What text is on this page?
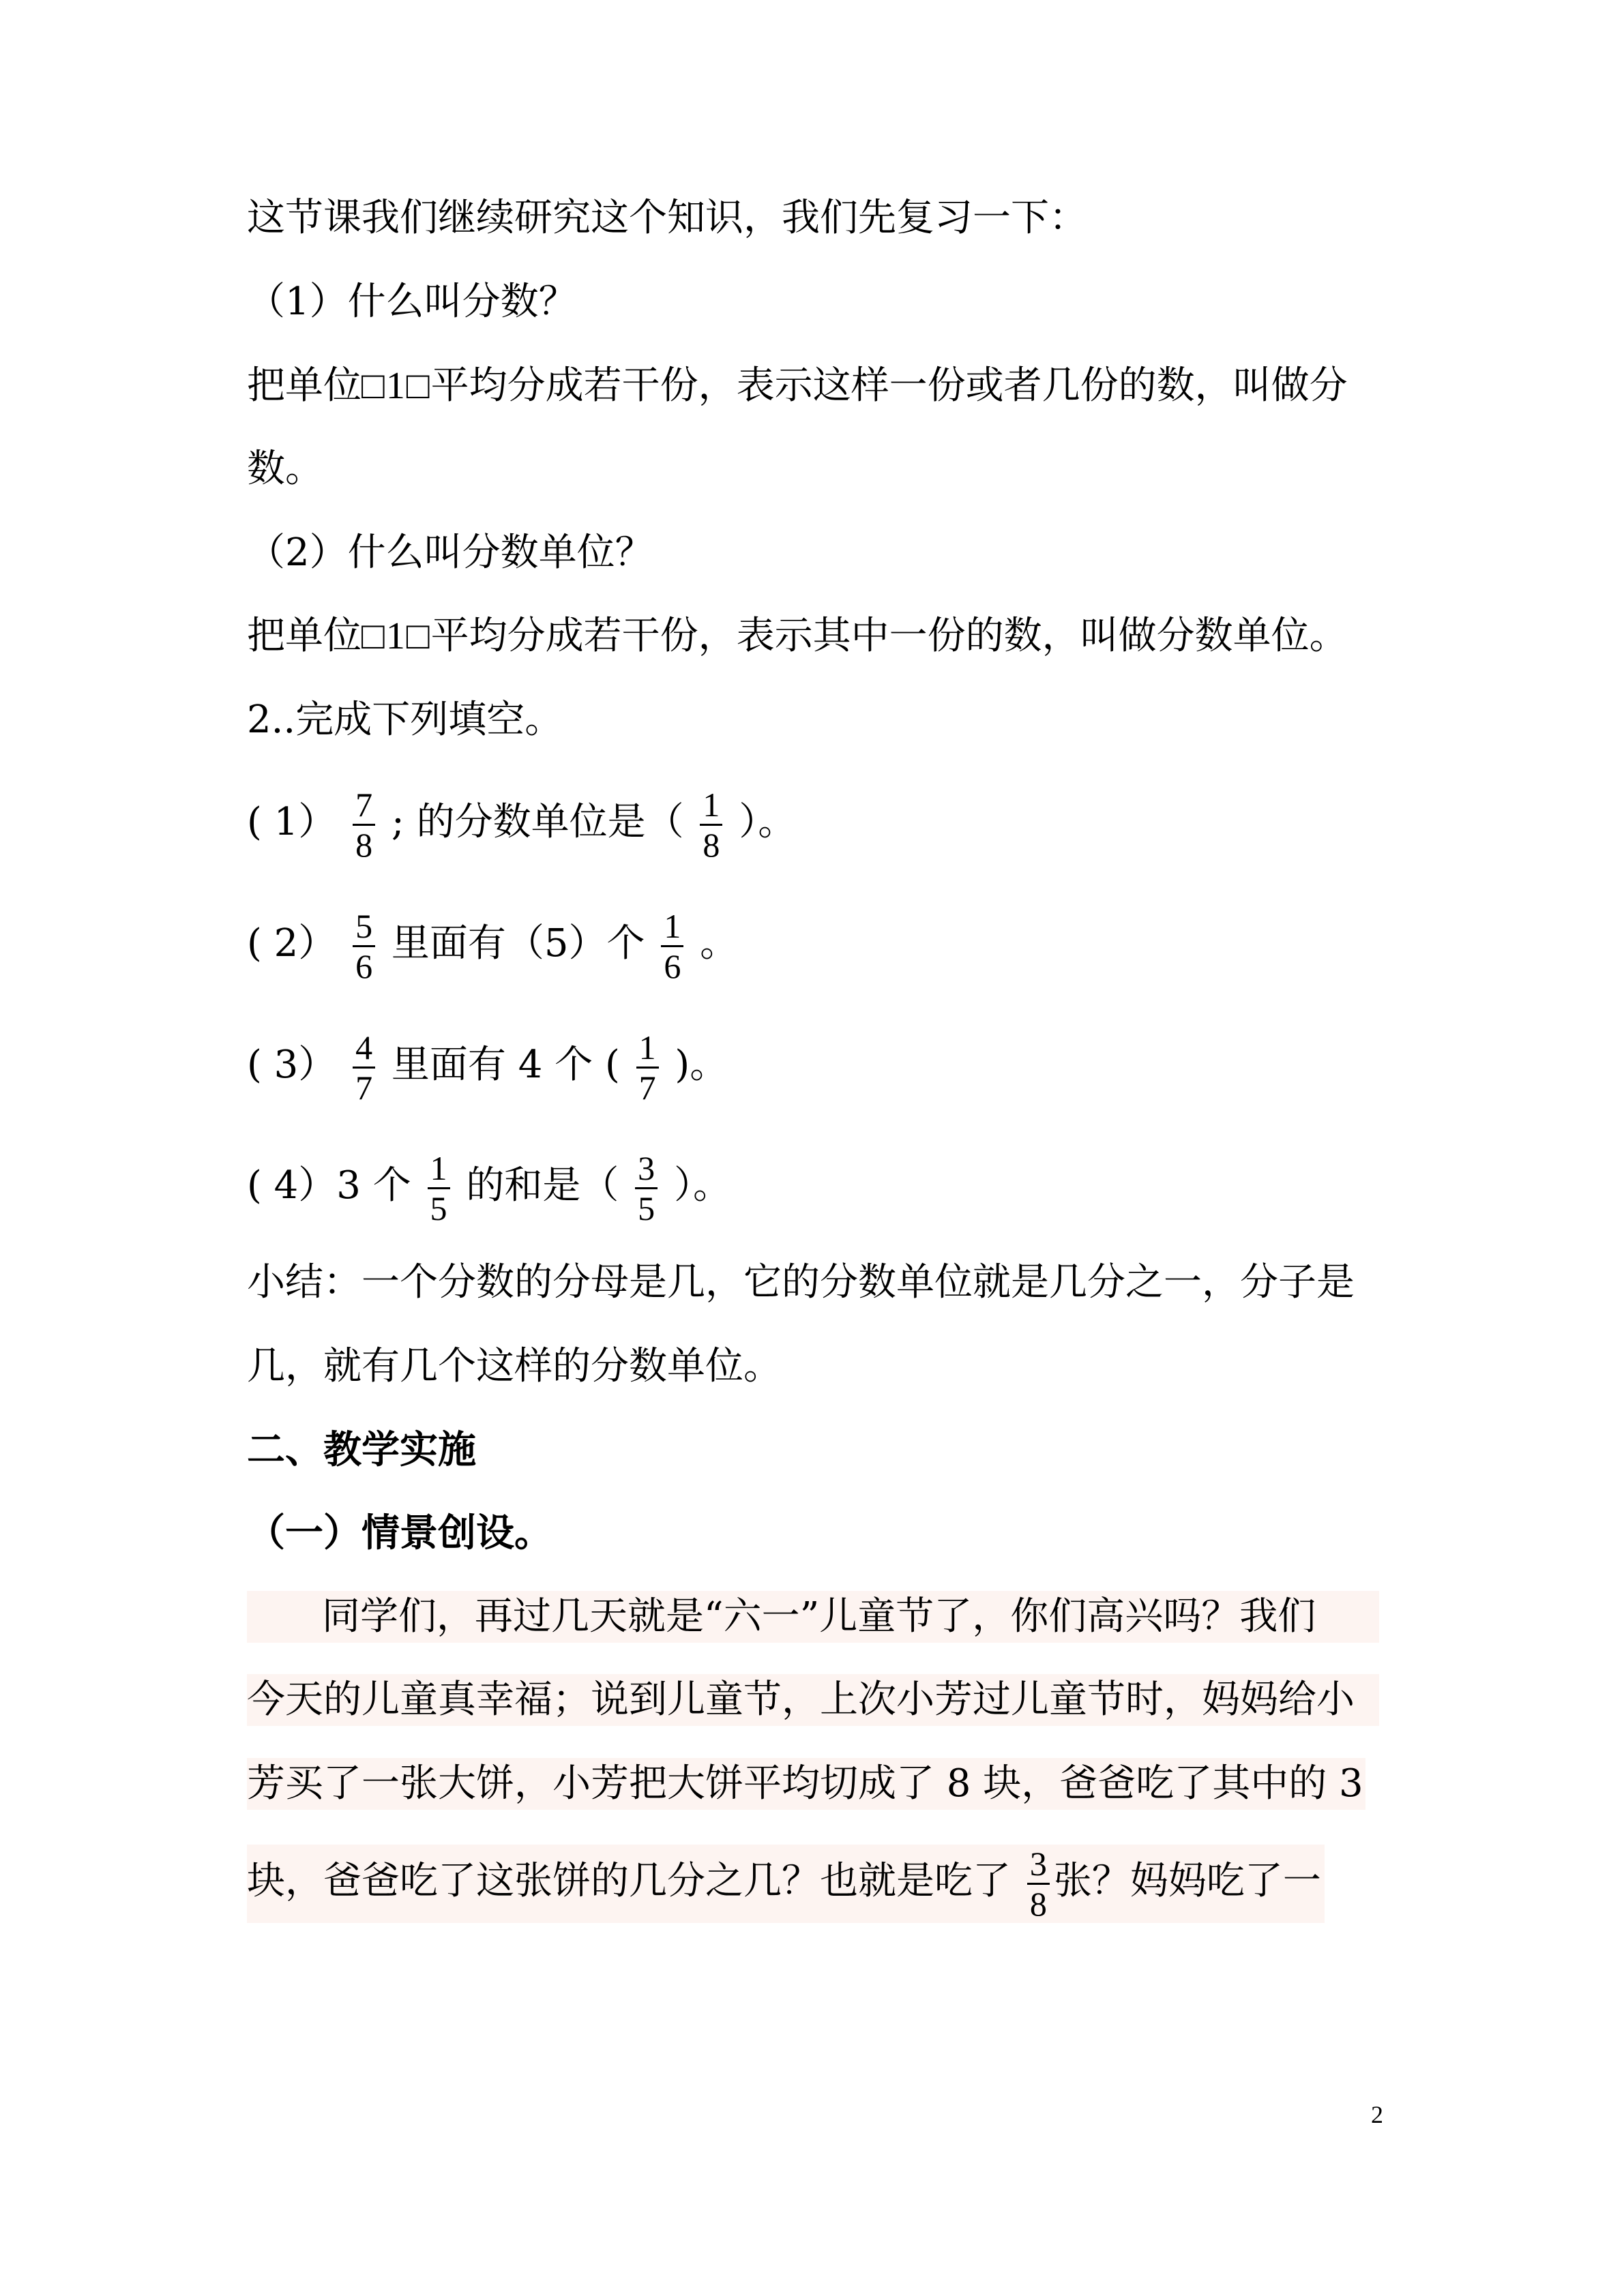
这节课我们继续研究这个知识，我们先复习一下：
（1）什么叫分数？
把单位□1□平均分成若干份，表示这样一份或者几份的数，叫做分
数。
（2）什么叫分数单位？
把单位□1□平均分成若干份，表示其中一份的数，叫做分数单位。
2..完成下列填空。
( $1) \frac{7}{8}$ ; 的分数单位是（ $\frac{1}{8}$ ）。
( $2) \frac{5}{6}$ 里面有（5）个 $\frac{1}{6}$ 。
( $3) \frac{4}{7}$ 里面有 4 个 ( $\frac{1}{7}$ )。
( 4）3 个 $\frac{1}{5}$ 的和是（ $\frac{3}{5}$ ）。
小结：一个分数的分母是几，它的分数单位就是几分之一，分子是
几，就有几个这样的分数单位。
二、教学实施
（一）情景创设。
同学们，再过几天就是“六一”儿童节了，你们高兴吗？我们
今天的儿童真幸福；说到儿童节，上次小芳过儿童节时，妈妈给小
芳买了一张大饼，小芳把大饼平均切成了 8 块，爸爸吃了其中的 3
块，爸爸吃了这张饼的几分之几？也就是吃了 $\frac{3}{8}$ 张？妈妈吃了一
2
